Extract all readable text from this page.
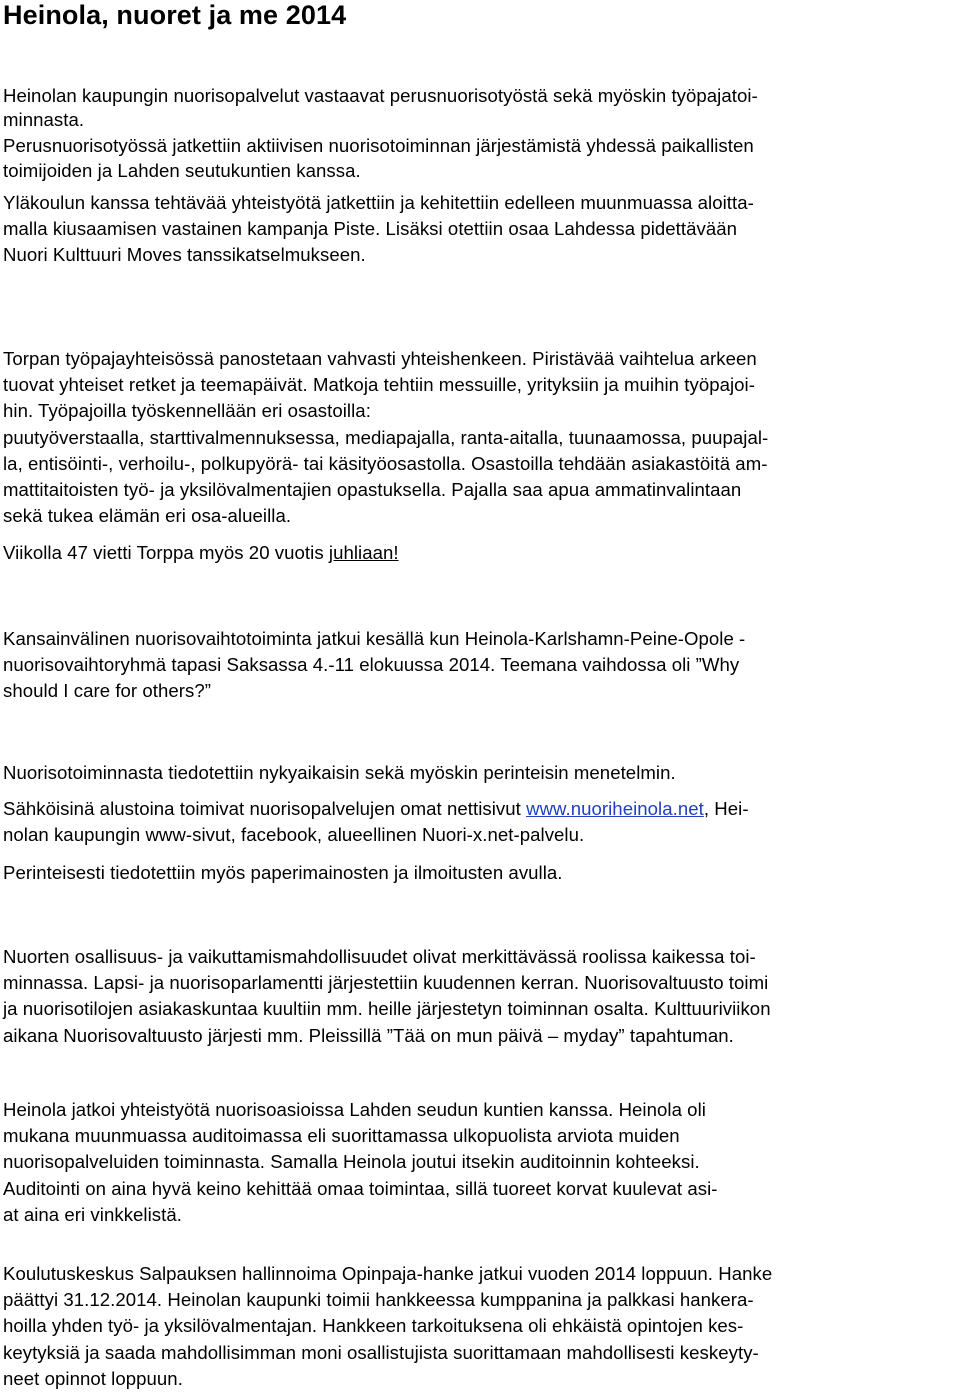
Heinola, nuoret ja me 2014

Heinolan kaupungin nuorisopalvelut vastaavat perusnuorisotyöstä sekä myöskin työpajatoi-

minnasta.

Perusnuorisotyössä jatkettiin aktiivisen nuorisotoiminnan järjestämistä yhdessä paikallisten

toimijoiden ja Lahden seutukuntien kanssa.

Yläkoulun kanssa tehtävää yhteistyötä jatkettiin ja kehitettiin edelleen muunmuassa aloitta-

malla kiusaamisen vastainen kampanja Piste. Lisäksi otettiin osaa Lahdessa pidettävään

Nuori Kulttuuri Moves tanssikatselmukseen.

Torpan työpajayhteisössä panostetaan vahvasti yhteishenkeen. Piristävää vaihtelua arkeen

tuovat yhteiset retket ja teemapäivät. Matkoja tehtiin messuille, yrityksiin ja muihin työpajoi-

hin. Työpajoilla työskennellään eri osastoilla:

puutyöverstaalla, starttivalmennuksessa, mediapajalla, ranta-aitalla, tuunaamossa, puupajal-

la, entisöinti-, verhoilu-, polkupyörä- tai käsityöosastolla. Osastoilla tehdään asiakastöitä am-

mattitaitoisten työ- ja yksilövalmentajien opastuksella. Pajalla saa apua ammatinvalintaan

sekä tukea elämän eri osa-alueilla.

Viikolla 47 vietti Torppa myös 20 vuotis juhliaan!

Kansainvälinen nuorisovaihtotoiminta jatkui kesällä kun Heinola-Karlshamn-Peine-Opole -

nuorisovaihtoryhmä tapasi Saksassa 4.-11 elokuussa 2014. Teemana vaihdossa oli ”Why

should I care for others?”

Nuorisotoiminnasta tiedotettiin nykyaikaisin sekä myöskin perinteisin menetelmin.

Sähköisinä alustoina toimivat nuorisopalvelujen omat nettisivut www.nuoriheinola.net, Hei-

nolan kaupungin www-sivut, facebook, alueellinen Nuori-x.net-palvelu.

Perinteisesti tiedotettiin myös paperimainosten ja ilmoitusten avulla.

Nuorten osallisuus- ja vaikuttamismahdollisuudet olivat merkittävässä roolissa kaikessa toi-

minnassa. Lapsi- ja nuorisoparlamentti järjestettiin kuudennen kerran. Nuorisovaltuusto toimi

ja nuorisotilojen asiakaskuntaa kuultiin mm. heille järjestetyn toiminnan osalta. Kulttuuriviikon

aikana Nuorisovaltuusto järjesti mm. Pleissillä ”Tää on mun päivä – myday” tapahtuman.

Heinola jatkoi yhteistyötä nuorisoasioissa Lahden seudun kuntien kanssa. Heinola oli

mukana muunmuassa auditoimassa eli suorittamassa ulkopuolista arviota muiden

nuorisopalveluiden toiminnasta. Samalla Heinola joutui itsekin auditoinnin kohteeksi.

Auditointi on aina hyvä keino kehittää omaa toimintaa, sillä tuoreet korvat kuulevat asi-

at aina eri vinkkelistä.

Koulutuskeskus Salpauksen hallinnoima Opinpaja-hanke jatkui vuoden 2014 loppuun. Hanke

päättyi 31.12.2014. Heinolan kaupunki toimii hankkeessa kumppanina ja palkkasi hankera-

hoilla yhden työ- ja yksilövalmentajan. Hankkeen tarkoituksena oli ehkäistä opintojen kes-

keytyksiä ja saada mahdollisimman moni osallistujista suorittamaan mahdollisesti keskeyty-

neet opinnot loppuun.
